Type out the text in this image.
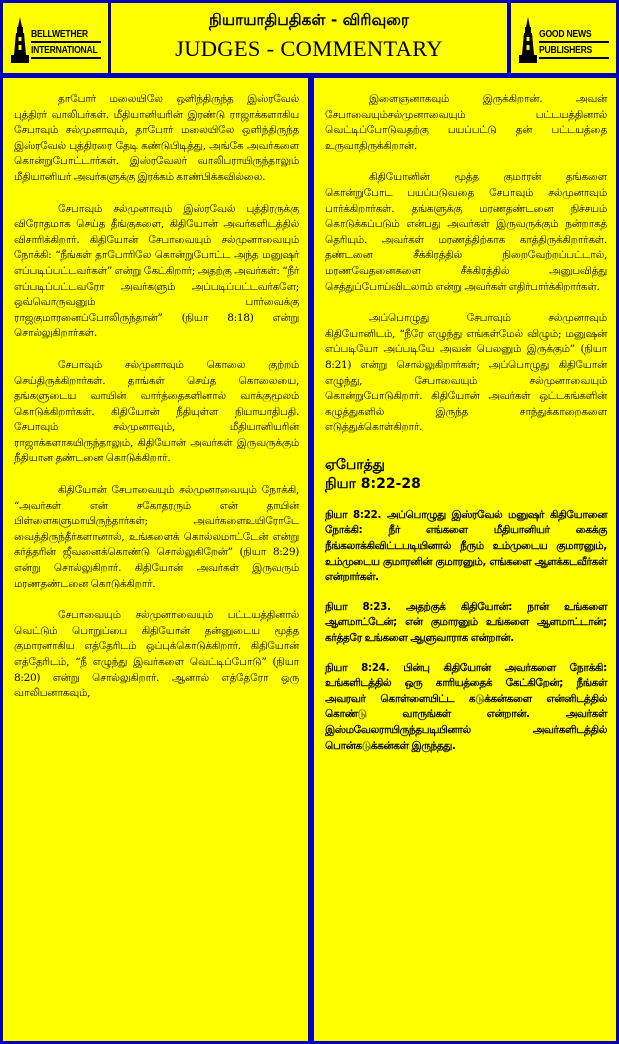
BELLWETHER
INTERNATIONAL
நியாயாதிபதிகள் - விரிவுரை
JUDGES - COMMENTARY
GOOD NEWS
PUBLISHERS

தாபோர் மலையிலே ஒளிந்திருந்த இஸ்ரவேல் புத்திரர் வாலிபர்கள். மீதியானியரின் இரண்டு ராஜாக்களாகிய சேபாவும் சல்முனாவும், தாபோர் மலையிலே ஒளிந்திருந்த இஸ்ரவேல் புத்திரரை தேடி கண்டுபிடித்து, அங்கே அவர்களை கொன்றுபோட்டார்கள். இஸ்ரவேலர் வாலிபராயிருந்தாலும் மீதியானியர் அவர்களுக்கு இரக்கம் காண்பிக்கவில்லை.

சேபாவும் சல்முனாவும் இஸ்ரவேல் புத்திரருக்கு விரோதமாக செய்த தீங்குகளை, கிதியோன் அவர்களிடத்தில் விசாரிக்கிறார். கிதியோன் சேபாவையும் சல்முனாவையும் நோக்கி: “நீங்கள் தாபோரிலே கொன்றுபோட்ட அந்த மனுஷர் எப்படிப்பட்டவர்கள்” என்று கேட்கிறார்; அதற்கு அவர்கள்: “நீர் எப்படிப்பட்டவரோ அவர்களும் அப்படிப்பட்டவர்களே; ஒவ்வொருவனும் பார்வைக்கு ராஜகுமாரனைப்போலிருந்தான்” (நியா 8:18) என்று சொல்லுகிறார்கள்.

சேபாவும் சல்முனாவும் கொலை குற்றம் செய்திருக்கிறார்கள். தாங்கள் செய்த கொலையை, தங்களுடைய வாயின் வார்த்தைகளினால் வாக்குமூலம் கொடுக்கிறார்கள். கிதியோன் நீதியுள்ள நியாயாதிபதி. சேபாவும் சல்முனாவும், மீதியானியரின் ராஜாக்களாகயிருந்தாலும், கிதியோன் அவர்கள் இருவருக்கும் நீதியான தண்டனை கொடுக்கிறார்.

கிதியோன் சேபாவையும் சல்முனாவையும் நோக்கி, “அவர்கள் என் சகோதரரும் என் தாயின் பிள்ளைகளுமாயிருந்தார்கள்; அவர்களைஉயிரோடே வைத்திருந்தீர்களானால், உங்களைக் கொல்லமாட்டேன் என்று கர்த்தரின் ஜீவனைக்கொண்டு சொல்லுகிறேன்” (நியா 8:29) என்று சொல்லுகிறார். கிதியோன் அவர்கள் இருவரும் மரணதண்டனை கொடுக்கிறார்.

சேபாவையும் சல்முனாவையும் பட்டயத்தினால் வெட்டும் பொறுப்பை கிதியோன் தன்னுடைய மூத்த குமாரனாகிய எத்தேரிடம் ஒப்புக்கொடுக்கிறார். கிதியோன் எத்தேரிடம், “நீ எழுந்து இவர்களை வெட்டிப்போடு” (நியா 8:20) என்று சொல்லுகிறார். ஆனால் எத்தேரோ ஒரு வாலிபனாகவும்,

இளைஞனாகவும் இருக்கிறான். அவன் சேபாவையும்சல்முனாவையும் பட்டயத்தினால் வெட்டிப்போடுவதற்கு பயப்பட்டு தன் பட்டயத்தை உருவாதிருக்கிறான்.

கிதியோனின் மூத்த குமாரன் தங்களை கொன்றுபோட பயப்படுவதை சேபாவும் சல்முனாவும் பார்க்கிறார்கள். தங்களுக்கு மரணதண்டனை நிச்சயம் கொடுக்கப்படும் என்பது அவர்கள் இருவருக்கும் நன்றாகத் தெரியும். அவர்கள் மரணத்திற்காக காத்திருக்கிறார்கள். தண்டனை சீக்கிரத்தில் நிறைவேற்றப்பட்டால், மரணவேதனைகளை சீக்கிரத்தில் அனுபவித்து செத்துப்போய்விடலாம் என்று அவர்கள் எதிர்பார்க்கிறார்கள்.

அப்பொழுது சேபாவும் சல்முனாவும் கிதியோனிடம், “நீரே எழுந்து எங்கள்மேல் விழும்; மனுஷன் எப்படியோ அப்படியே அவன் பெலனும் இருக்கும்” (நியா 8:21) என்று சொல்லுகிறார்கள்; அப்பொழுது கிதியோன் எழுந்து, சேபாவையும் சல்முனாவையும் கொன்றுபோடுகிறார். கிதியோன் அவர்கள் ஒட்டகங்களின் கழுத்துகளில் இருந்த சாந்துக்காறைகளை எடுத்துக்கொள்கிறார்.

ஏபோத்து
நியா 8:22-28

நியா 8:22. அப்பொழுது இஸ்ரவேல் மனுஷர் கிதியோனை நோக்கி: நீர் எங்களை மீதியானியர் கைக்கு நீங்கலாக்கிவிட்டபடியினால் நீரும் உம்முடைய குமாரனும், உம்முடைய குமாரனின் குமாரனும், எங்களை ஆளக்கடவீர்கள் என்றார்கள்.

நியா 8:23. அதற்குக் கிதியோன்: நான் உங்களை ஆளமாட்டேன்; என் குமாரனும் உங்களை ஆளமாட்டான்; கர்த்தரே உங்களை ஆளுவாராக என்றான்.

நியா 8:24. பின்பு கிதியோன் அவர்களை நோக்கி: உங்களிடத்தில் ஒரு காரியத்தைக் கேட்கிறேன்; நீங்கள் அவரவர் கொள்ளையிட்ட கடுக்கன்களை என்னிடத்தில் கொண்டு வாருங்கள் என்றான். அவர்கள் இஸ்மவேலராயிருந்தபடியினால் அவர்களிடத்தில் பொன்கடுக்கன்கள் இருந்தது.
